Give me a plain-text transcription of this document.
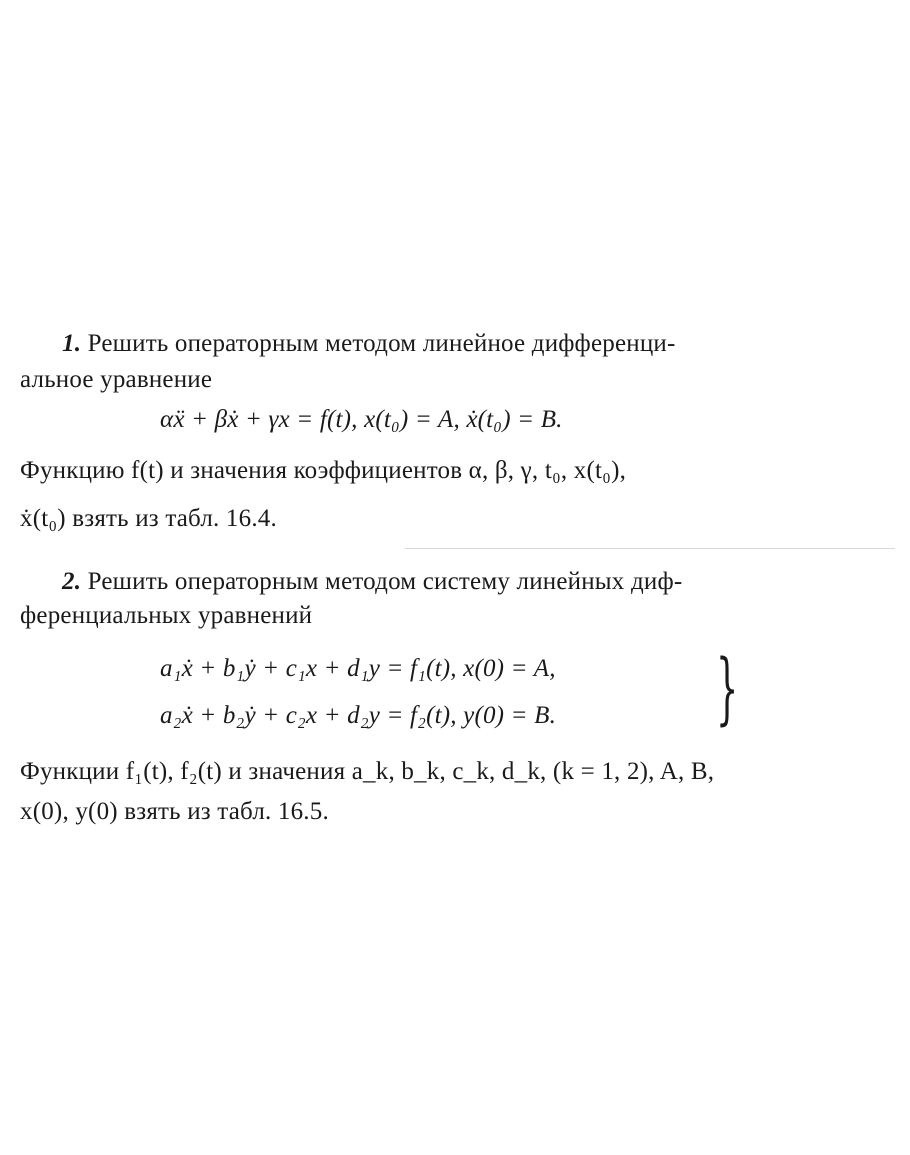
1. Решить операторным методом линейное дифференци-
альное уравнение
αẍ + βẋ + γx = f(t), x(t₀) = A, ẋ(t₀) = B.
Функцию f(t) и значения коэффициентов α, β, γ, t₀, x(t₀),
ẋ(t₀) взять из табл. 16.4.
2. Решить операторным методом систему линейных диф-
ференциальных уравнений
a₁ẋ + b₁ẏ + c₁x + d₁y = f₁(t), x(0) = A,
a₂ẋ + b₂ẏ + c₂x + d₂y = f₂(t), y(0) = B. }
Функции f₁(t), f₂(t) и значения a_k, b_k, c_k, d_k, (k = 1, 2), A, B,
x(0), y(0) взять из табл. 16.5.
